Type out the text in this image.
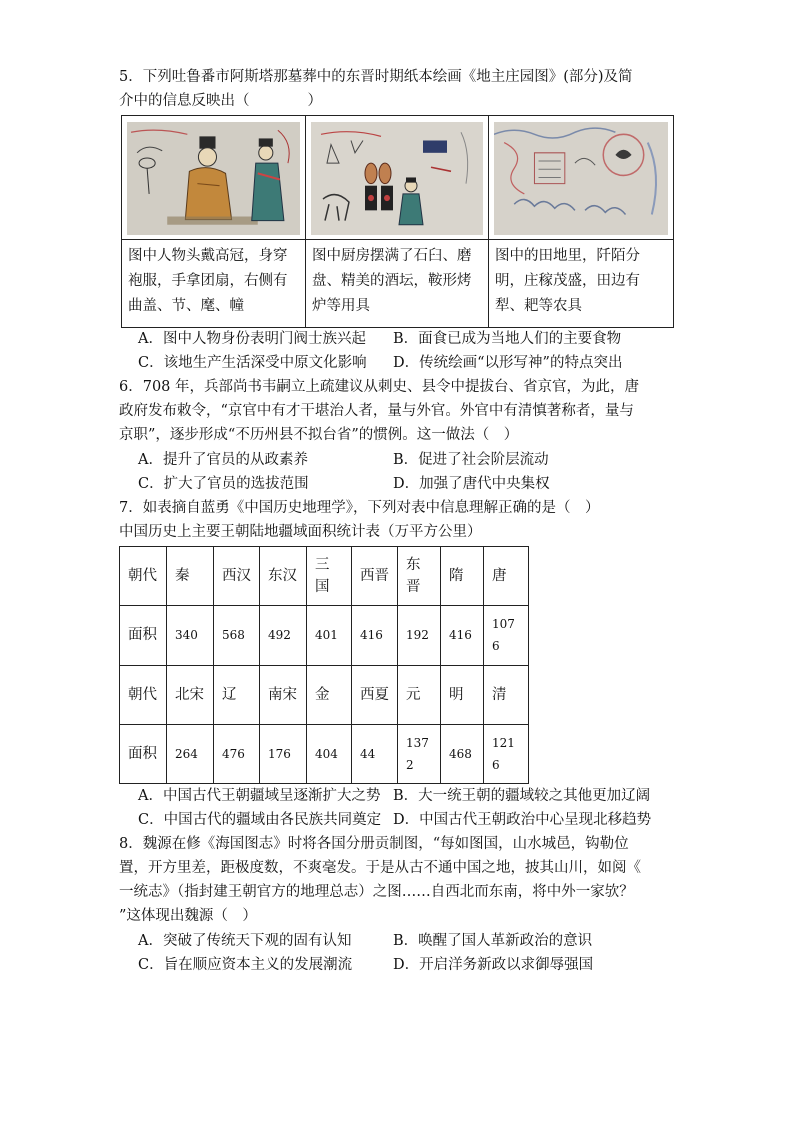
5．下列吐鲁番市阿斯塔那墓葬中的东晋时期纸本绘画《地主庄园图》(部分)及简
介中的信息反映出（　　　　）

图中人物头戴高冠，身穿袍服，手拿团扇，右侧有曲盖、节、麾、幢	图中厨房摆满了石臼、磨盘、精美的酒坛，鞍形烤炉等用具	图中的田地里，阡陌分明，庄稼茂盛，田边有犁、耙等农具
A．图中人物身份表明门阀士族兴起 B．面食已成为当地人们的主要食物
C．该地生产生活深受中原文化影响 D．传统绘画“以形写神”的特点突出
6．708 年，兵部尚书韦嗣立上疏建议从刺史、县令中提拔台、省京官，为此，唐
政府发布敕令，“京官中有才干堪治人者，量与外官。外官中有清慎著称者，量与
京职”，逐步形成“不历州县不拟台省”的惯例。这一做法（　）
A．提升了官员的从政素养	B．促进了社会阶层流动
C．扩大了官员的选拔范围	D．加强了唐代中央集权
7．如表摘自蓝勇《中国历史地理学》，下列对表中信息理解正确的是（　）
中国历史上主要王朝陆地疆域面积统计表（万平方公里）
朝代	秦	西汉	东汉	三国	西晋	东晋	隋	唐
面积	340	568	492	401	416	192	416	1076
朝代	北宋	辽	南宋	金	西夏	元	明	清
面积	264	476	176	404	44	1372	468	1216
A．中国古代王朝疆域呈逐渐扩大之势 B．大一统王朝的疆域较之其他更加辽阔
C．中国古代的疆域由各民族共同奠定 D．中国古代王朝政治中心呈现北移趋势
8．魏源在修《海国图志》时将各国分册贡制图，“每如图国，山水城邑，钩勒位
置，开方里差，距极度数，不爽毫发。于是从古不通中国之地，披其山川，如阅《
一统志》（指封建王朝官方的地理总志）之图……自西北而东南，将中外一家欤？
”这体现出魏源（　）
A．突破了传统天下观的固有认知	B．唤醒了国人革新政治的意识
C．旨在顺应资本主义的发展潮流	D．开启洋务新政以求御辱强国
